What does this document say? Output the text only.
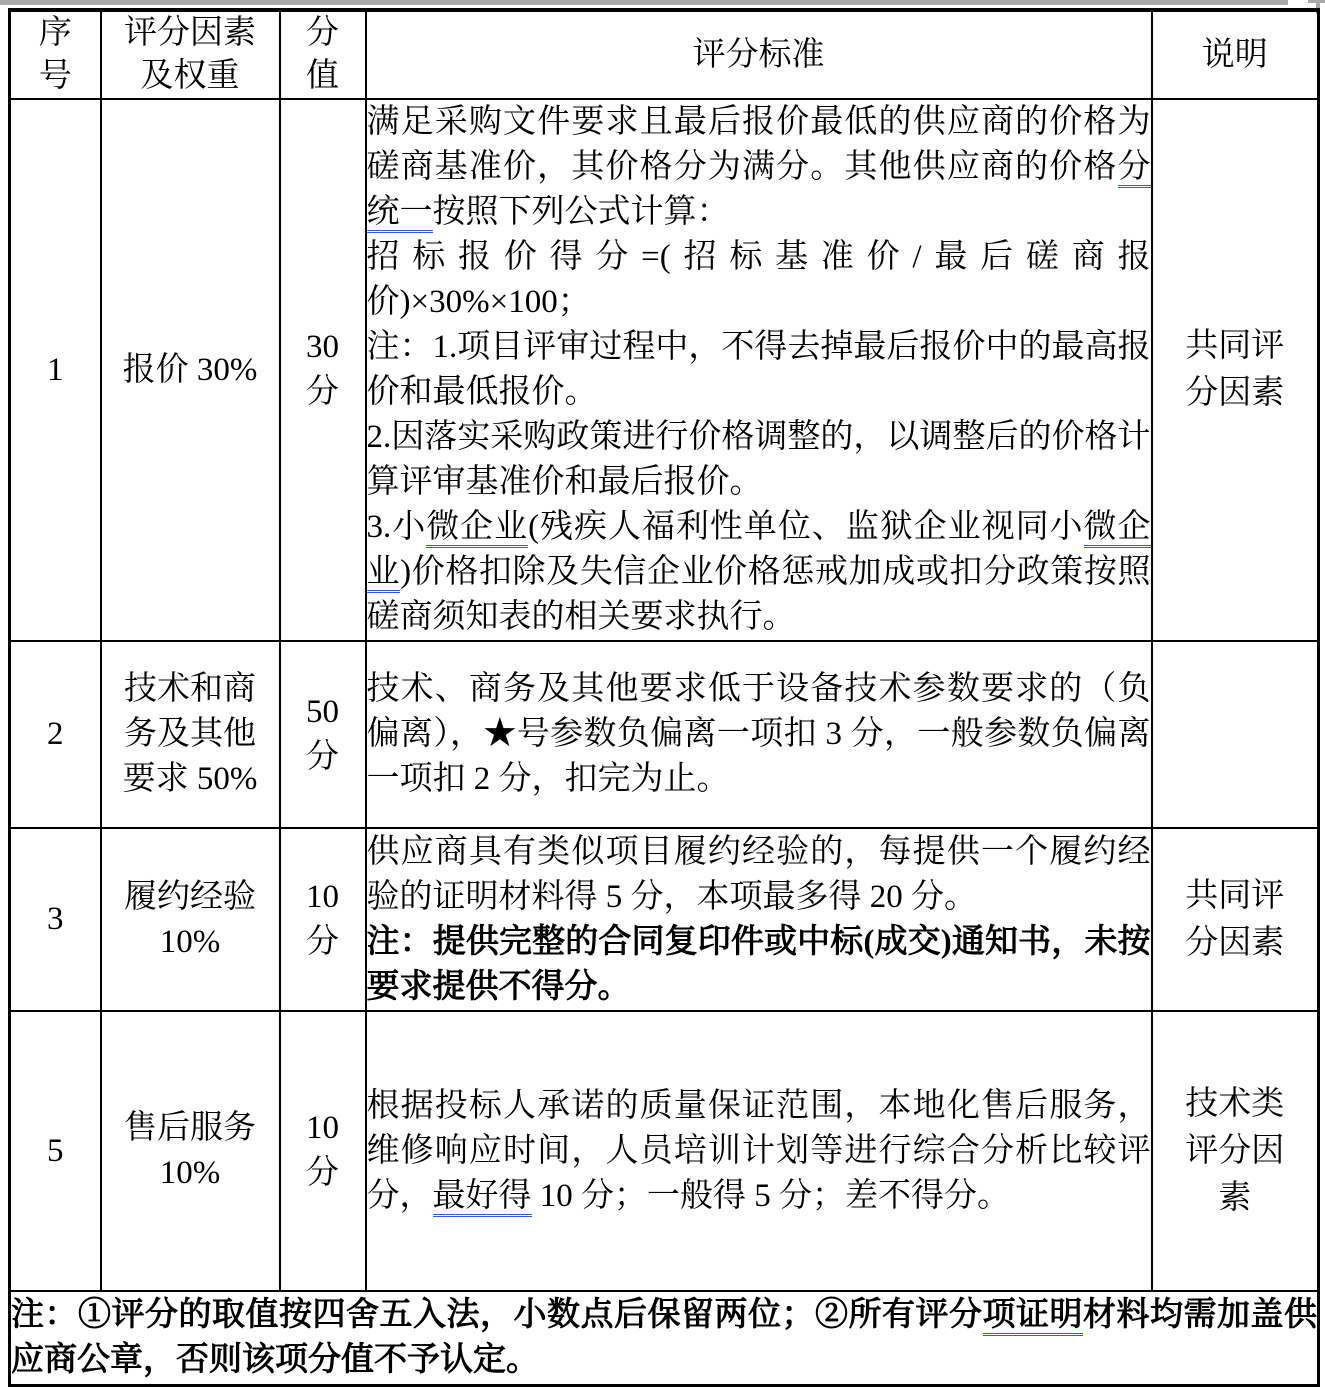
序号	评分因素及权重	分值	评分标准	说明

1	报价 30%	30 分	满足采购文件要求且最后报价最低的供应商的价格为磋商基准价，其价格分为满分。其他供应商的价格分统一按照下列公式计算：

招标报价得分=(招标基准价/最后磋商报价)×30%×100；

注：1.项目评审过程中，不得去掉最后报价中的最高报价和最低报价。

2.因落实采购政策进行价格调整的，以调整后的价格计算评审基准价和最后报价。

3.小微企业(残疾人福利性单位、监狱企业视同小微企业)价格扣除及失信企业价格惩戒加成或扣分政策按照磋商须知表的相关要求执行。	共同评分因素

2	技术和商务及其他要求 50%	50 分	技术、商务及其他要求低于设备技术参数要求的（负偏离），★号参数负偏离一项扣 3 分，一般参数负偏离一项扣 2 分，扣完为止。	

3	履约经验 10%	10 分	供应商具有类似项目履约经验的，每提供一个履约经验的证明材料得 5 分，本项最多得 20 分。

注：提供完整的合同复印件或中标(成交)通知书，未按要求提供不得分。	共同评分因素

5	售后服务 10%	10 分	根据投标人承诺的质量保证范围，本地化售后服务，维修响应时间，人员培训计划等进行综合分析比较评分，最好得 10 分；一般得 5 分；差不得分。	技术类评分因素

注：①评分的取值按四舍五入法，小数点后保留两位；②所有评分项证明材料均需加盖供应商公章，否则该项分值不予认定。				
